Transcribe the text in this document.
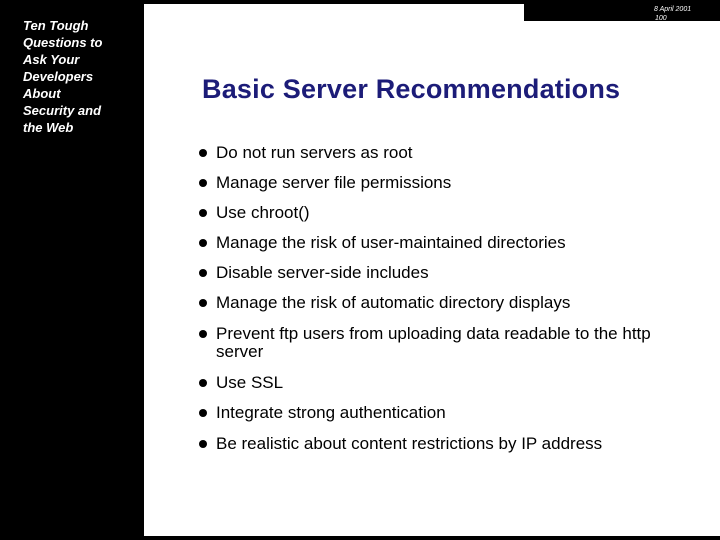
Ten Tough
Questions to
Ask Your
Developers
About
Security and
the Web
Basic Server Recommendations
Do not run servers as root
Manage server file permissions
Use chroot()
Manage the risk of user-maintained directories
Disable server-side includes
Manage the risk of automatic directory displays
Prevent ftp users from uploading data readable to the http server
Use SSL
Integrate strong authentication
Be realistic about content restrictions by IP address
8 April 2001
